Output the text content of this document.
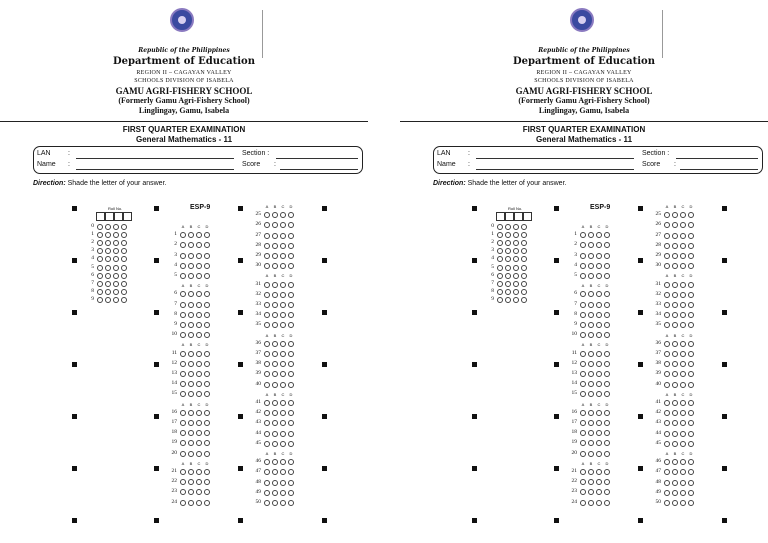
Republic of the Philippines
Department of Education
REGION II – CAGAYAN VALLEY
SCHOOLS DIVISION OF ISABELA
GAMU AGRI-FISHERY SCHOOL
(Formerly Gamu Agri-Fishery School)
Linglingay, Gamu, Isabela
FIRST QUARTER EXAMINATION
General Mathematics - 11
LAN :
Name :
Section :
Score :
Direction: Shade the letter of your answer.
Roll No.
0
1
2
3
4
5
6
7
8
9
ESP-9
A	B	C	D
1
2
3
4
5
A	B	C	D
6
7
8
9
10
A	B	C	D
11
12
13
14
15
A	B	C	D
16
17
18
19
20
A	B	C	D
21
22
23
24
A	B	C	D
25
26
27
28
29
30
A	B	C	D
31
32
33
34
35
A	B	C	D
36
37
38
39
40
A	B	C	D
41
42
43
44
45
A	B	C	D
46
47
48
49
50
Republic of the Philippines
Department of Education
REGION II – CAGAYAN VALLEY
SCHOOLS DIVISION OF ISABELA
GAMU AGRI-FISHERY SCHOOL
(Formerly Gamu Agri-Fishery School)
Linglingay, Gamu, Isabela
FIRST QUARTER EXAMINATION
General Mathematics - 11
LAN :
Name :
Section :
Score :
Direction: Shade the letter of your answer.
Roll No.
0
1
2
3
4
5
6
7
8
9
ESP-9
A	B	C	D
1
2
3
4
5
A	B	C	D
6
7
8
9
10
A	B	C	D
11
12
13
14
15
A	B	C	D
16
17
18
19
20
A	B	C	D
21
22
23
24
A	B	C	D
25
26
27
28
29
30
A	B	C	D
31
32
33
34
35
A	B	C	D
36
37
38
39
40
A	B	C	D
41
42
43
44
45
A	B	C	D
46
47
48
49
50
